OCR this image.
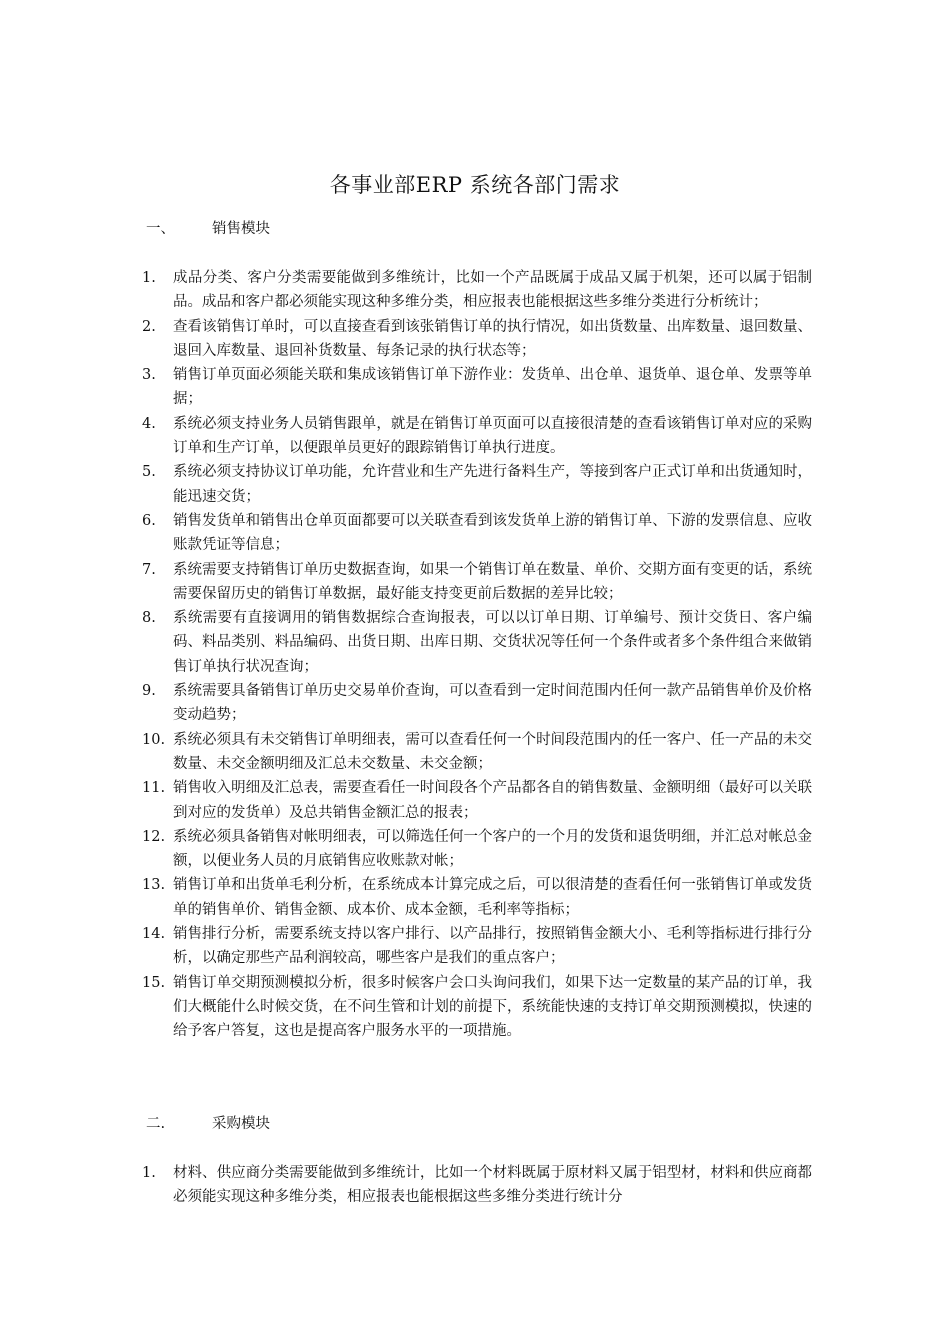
各事业部ERP 系统各部门需求
一、	销售模块
1.	成品分类、客户分类需要能做到多维统计，比如一个产品既属于成品又属于机架，还可以属于铝制品。成品和客户都必须能实现这种多维分类，相应报表也能根据这些多维分类进行分析统计；
2.	查看该销售订单时，可以直接查看到该张销售订单的执行情况，如出货数量、出库数量、退回数量、退回入库数量、退回补货数量、每条记录的执行状态等；
3.	销售订单页面必须能关联和集成该销售订单下游作业：发货单、出仓单、退货单、退仓单、发票等单据；
4.	系统必须支持业务人员销售跟单，就是在销售订单页面可以直接很清楚的查看该销售订单对应的采购订单和生产订单，以便跟单员更好的跟踪销售订单执行进度。
5.	系统必须支持协议订单功能，允许营业和生产先进行备料生产，等接到客户正式订单和出货通知时，能迅速交货；
6.	销售发货单和销售出仓单页面都要可以关联查看到该发货单上游的销售订单、下游的发票信息、应收账款凭证等信息；
7.	系统需要支持销售订单历史数据查询，如果一个销售订单在数量、单价、交期方面有变更的话，系统需要保留历史的销售订单数据，最好能支持变更前后数据的差异比较；
8.	系统需要有直接调用的销售数据综合查询报表，可以以订单日期、订单编号、预计交货日、客户编码、料品类别、料品编码、出货日期、出库日期、交货状况等任何一个条件或者多个条件组合来做销售订单执行状况查询；
9.	系统需要具备销售订单历史交易单价查询，可以查看到一定时间范围内任何一款产品销售单价及价格变动趋势；
10. 系统必须具有未交销售订单明细表，需可以查看任何一个时间段范围内的任一客户、任一产品的未交数量、未交金额明细及汇总未交数量、未交金额；
11. 销售收入明细及汇总表，需要查看任一时间段各个产品都各自的销售数量、金额明细（最好可以关联到对应的发货单）及总共销售金额汇总的报表；
12. 系统必须具备销售对帐明细表，可以筛选任何一个客户的一个月的发货和退货明细，并汇总对帐总金额，以便业务人员的月底销售应收账款对帐；
13. 销售订单和出货单毛利分析，在系统成本计算完成之后，可以很清楚的查看任何一张销售订单或发货单的销售单价、销售金额、成本价、成本金额，毛利率等指标；
14. 销售排行分析，需要系统支持以客户排行、以产品排行，按照销售金额大小、毛利等指标进行排行分析，以确定那些产品利润较高，哪些客户是我们的重点客户；
15. 销售订单交期预测模拟分析，很多时候客户会口头询问我们，如果下达一定数量的某产品的订单，我们大概能什么时候交货，在不问生管和计划的前提下，系统能快速的支持订单交期预测模拟，快速的给予客户答复，这也是提高客户服务水平的一项措施。
二.	采购模块
1.	材料、供应商分类需要能做到多维统计，比如一个材料既属于原材料又属于铝型材，材料和供应商都必须能实现这种多维分类，相应报表也能根据这些多维分类进行统计分
